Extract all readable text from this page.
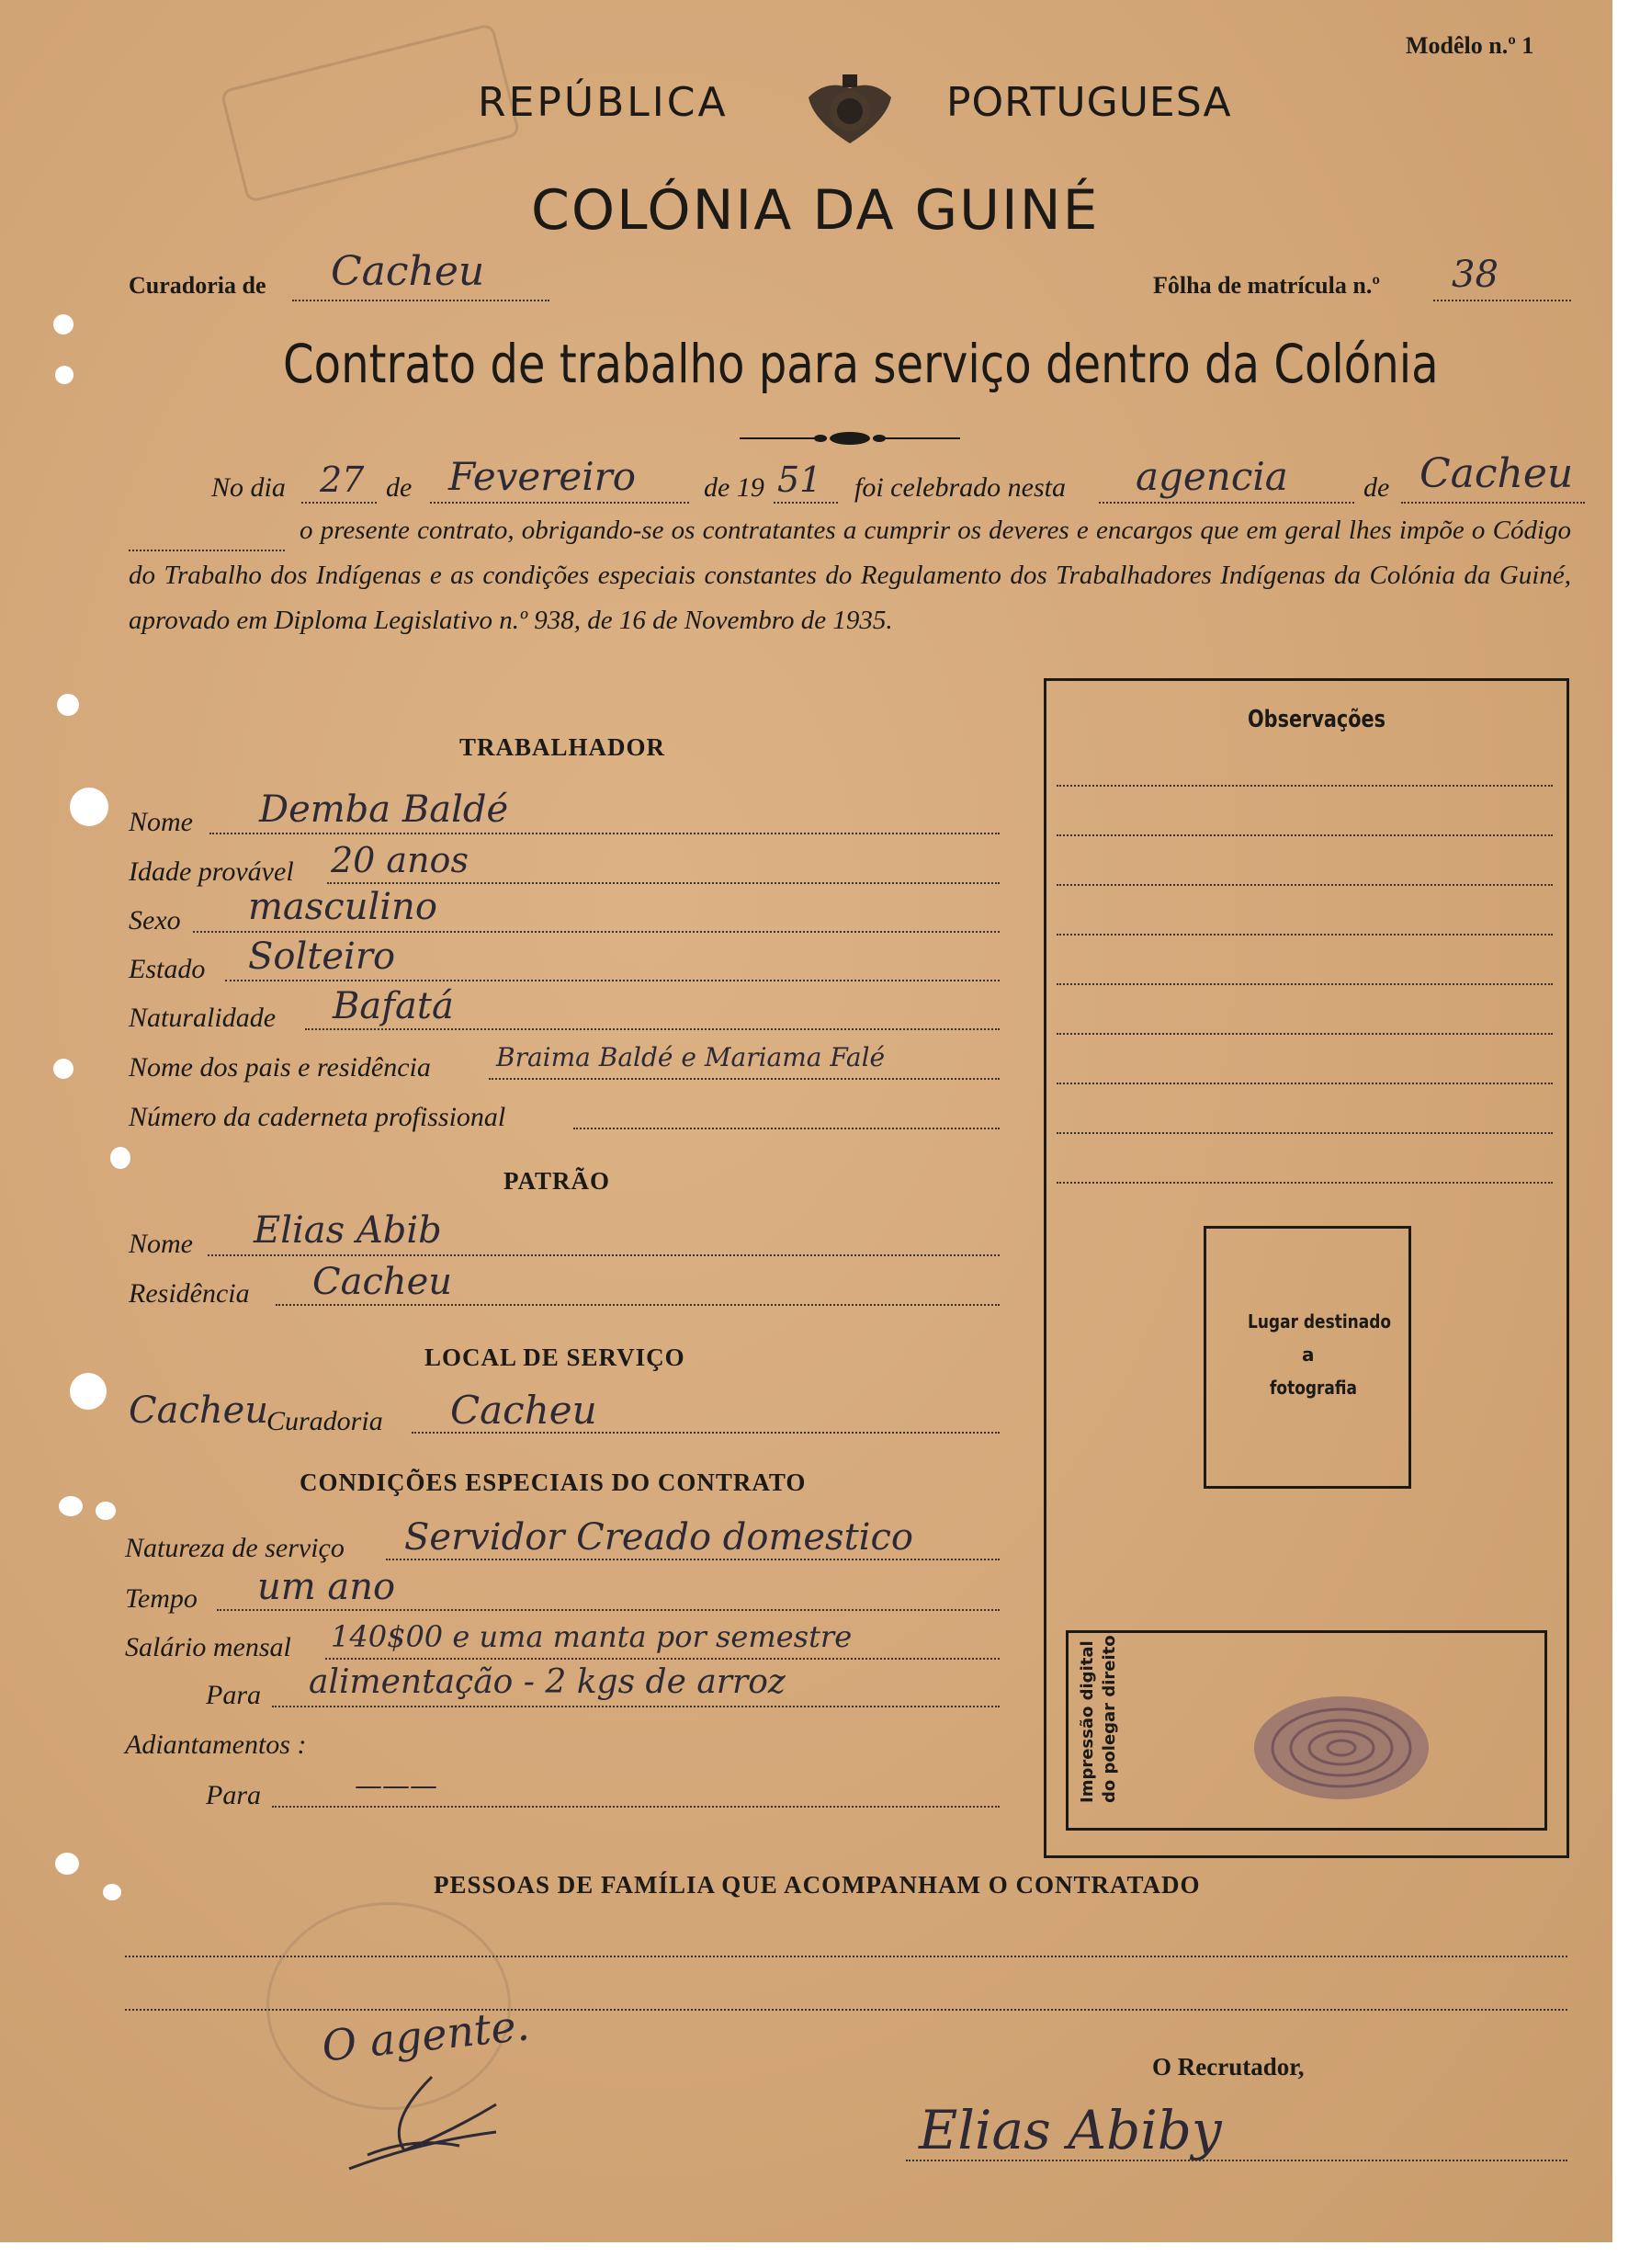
Modêlo n.º 1
REPÚBLICA	PORTUGUESA
COLÓNIA DA GUINÉ
Curadoria de Cacheu	Fôlha de matrícula n.º 38
Contrato de trabalho para serviço dentro da Colónia
No dia 27 de Fevereiro de 19 51 foi celebrado nesta agencia	de Cacheu
o presente contrato, obrigando-se os contratantes a cumprir os deveres e encargos que em geral lhes impõe o Código do Trabalho dos Indígenas e as condições especiais constantes do Regulamento dos Trabalhadores Indígenas da Colónia da Guiné, aprovado em Diploma Legislativo n.º 938, de 16 de Novembro de 1935.
TRABALHADOR
Nome Demba Baldé
Idade provável 20 anos
Sexo masculino
Estado Solteiro
Naturalidade Bafatá
Nome dos pais e residência	Braima Baldé e Mariama Falé
Número da caderneta profissional
PATRÃO
Nome Elias Abib
Residência Cacheu
LOCAL DE SERVIÇO
Cacheu
Curadoria Cacheu
CONDIÇÕES ESPECIAIS DO CONTRATO
Natureza de serviço Servidor Creado domestico
Tempo um ano
Salário mensal 140$00 e uma manta por semestre
Para alimentação - 2 kgs de arroz
Adiantamentos :
Para	———
Observações
Lugar destinado
a
fotografia
Impressão digital do polegar direito
PESSOAS DE FAMÍLIA QUE ACOMPANHAM O CONTRATADO
O agente.	O Recrutador,
Elias Abiby
